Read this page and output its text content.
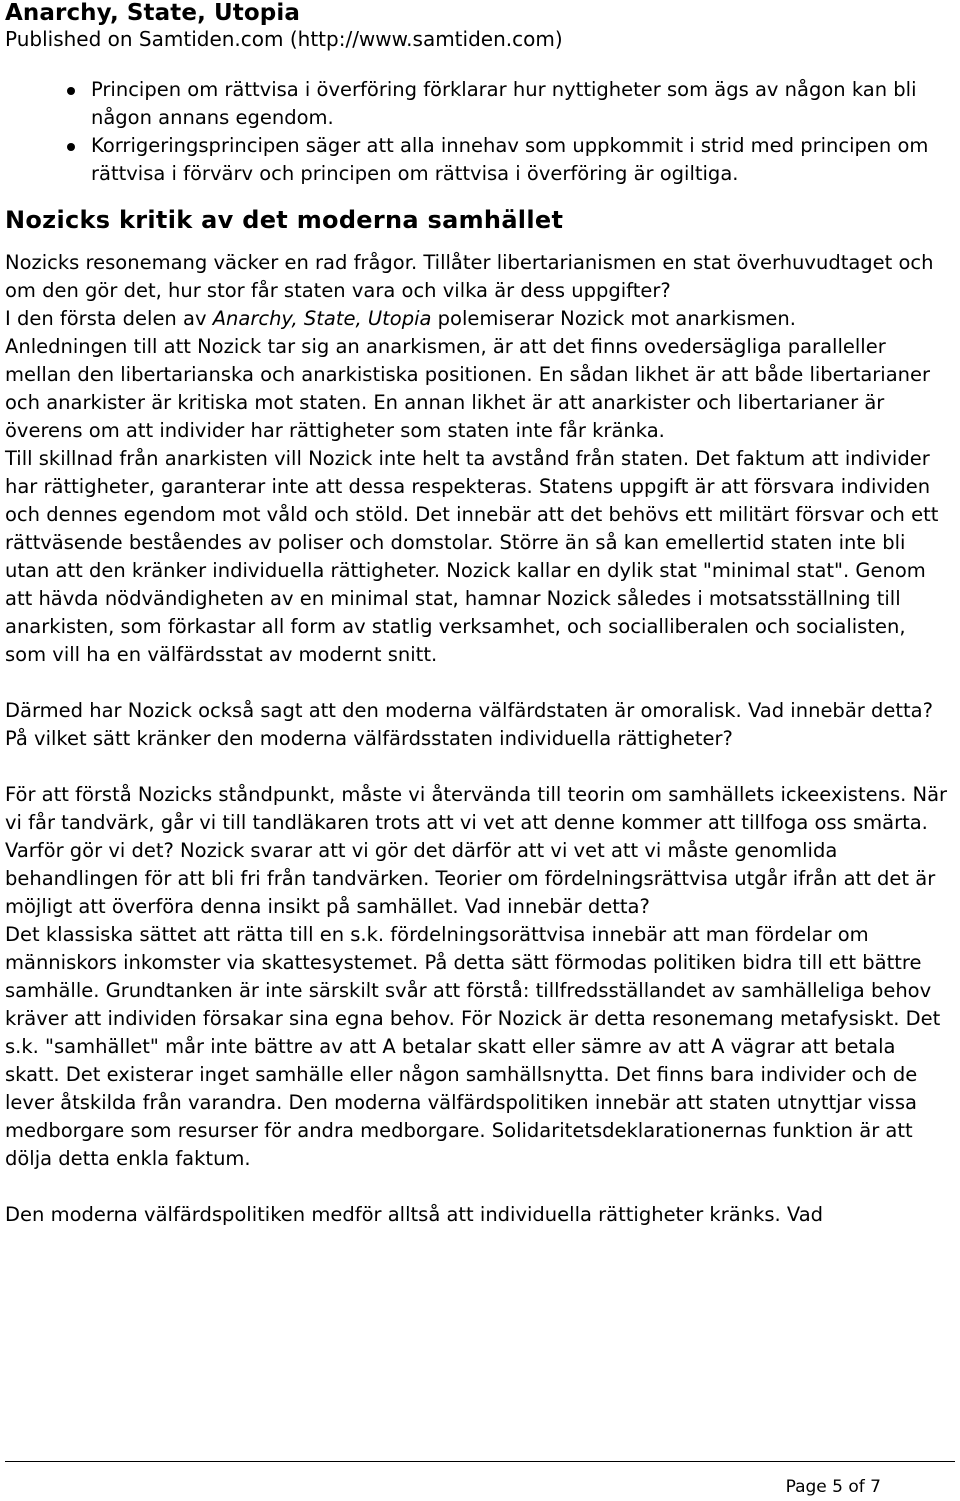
Anarchy, State, Utopia
Published on Samtiden.com (http://www.samtiden.com)
Principen om rättvisa i överföring förklarar hur nyttigheter som ägs av någon kan bli någon annans egendom.
Korrigeringsprincipen säger att alla innehav som uppkommit i strid med principen om rättvisa i förvärv och principen om rättvisa i överföring är ogiltiga.
Nozicks kritik av det moderna samhället

Nozicks resonemang väcker en rad frågor. Tillåter libertarianismen en stat överhuvudtaget och om den gör det, hur stor får staten vara och vilka är dess uppgifter?

I den första delen av Anarchy, State, Utopia polemiserar Nozick mot anarkismen.

Anledningen till att Nozick tar sig an anarkismen, är att det finns ovedersägliga paralleller mellan den libertarianska och anarkistiska positionen. En sådan likhet är att både libertarianer och anarkister är kritiska mot staten. En annan likhet är att anarkister och libertarianer är överens om att individer har rättigheter som staten inte får kränka.

Till skillnad från anarkisten vill Nozick inte helt ta avstånd från staten. Det faktum att individer har rättigheter, garanterar inte att dessa respekteras. Statens uppgift är att försvara individen och dennes egendom mot våld och stöld. Det innebär att det behövs ett militärt försvar och ett rättväsende beståendes av poliser och domstolar. Större än så kan emellertid staten inte bli utan att den kränker individuella rättigheter. Nozick kallar en dylik stat "minimal stat". Genom att hävda nödvändigheten av en minimal stat, hamnar Nozick således i motsatsställning till anarkisten, som förkastar all form av statlig verksamhet, och socialliberalen och socialisten, som vill ha en välfärdsstat av modernt snitt.

Därmed har Nozick också sagt att den moderna välfärdstaten är omoralisk. Vad innebär detta? På vilket sätt kränker den moderna välfärdsstaten individuella rättigheter?

För att förstå Nozicks ståndpunkt, måste vi återvända till teorin om samhällets ickeexistens. När vi får tandvärk, går vi till tandläkaren trots att vi vet att denne kommer att tillfoga oss smärta. Varför gör vi det? Nozick svarar att vi gör det därför att vi vet att vi måste genomlida behandlingen för att bli fri från tandvärken. Teorier om fördelningsrättvisa utgår ifrån att det är möjligt att överföra denna insikt på samhället. Vad innebär detta?

Det klassiska sättet att rätta till en s.k. fördelningsorättvisa innebär att man fördelar om människors inkomster via skattesystemet. På detta sätt förmodas politiken bidra till ett bättre samhälle. Grundtanken är inte särskilt svår att förstå: tillfredsställandet av samhälleliga behov kräver att individen försakar sina egna behov. För Nozick är detta resonemang metafysiskt. Det s.k. "samhället" mår inte bättre av att A betalar skatt eller sämre av att A vägrar att betala skatt. Det existerar inget samhälle eller någon samhällsnytta. Det finns bara individer och de lever åtskilda från varandra. Den moderna välfärdspolitiken innebär att staten utnyttjar vissa medborgare som resurser för andra medborgare. Solidaritetsdeklarationernas funktion är att dölja detta enkla faktum.

Den moderna välfärdspolitiken medför alltså att individuella rättigheter kränks. Vad

Page 5 of 7
